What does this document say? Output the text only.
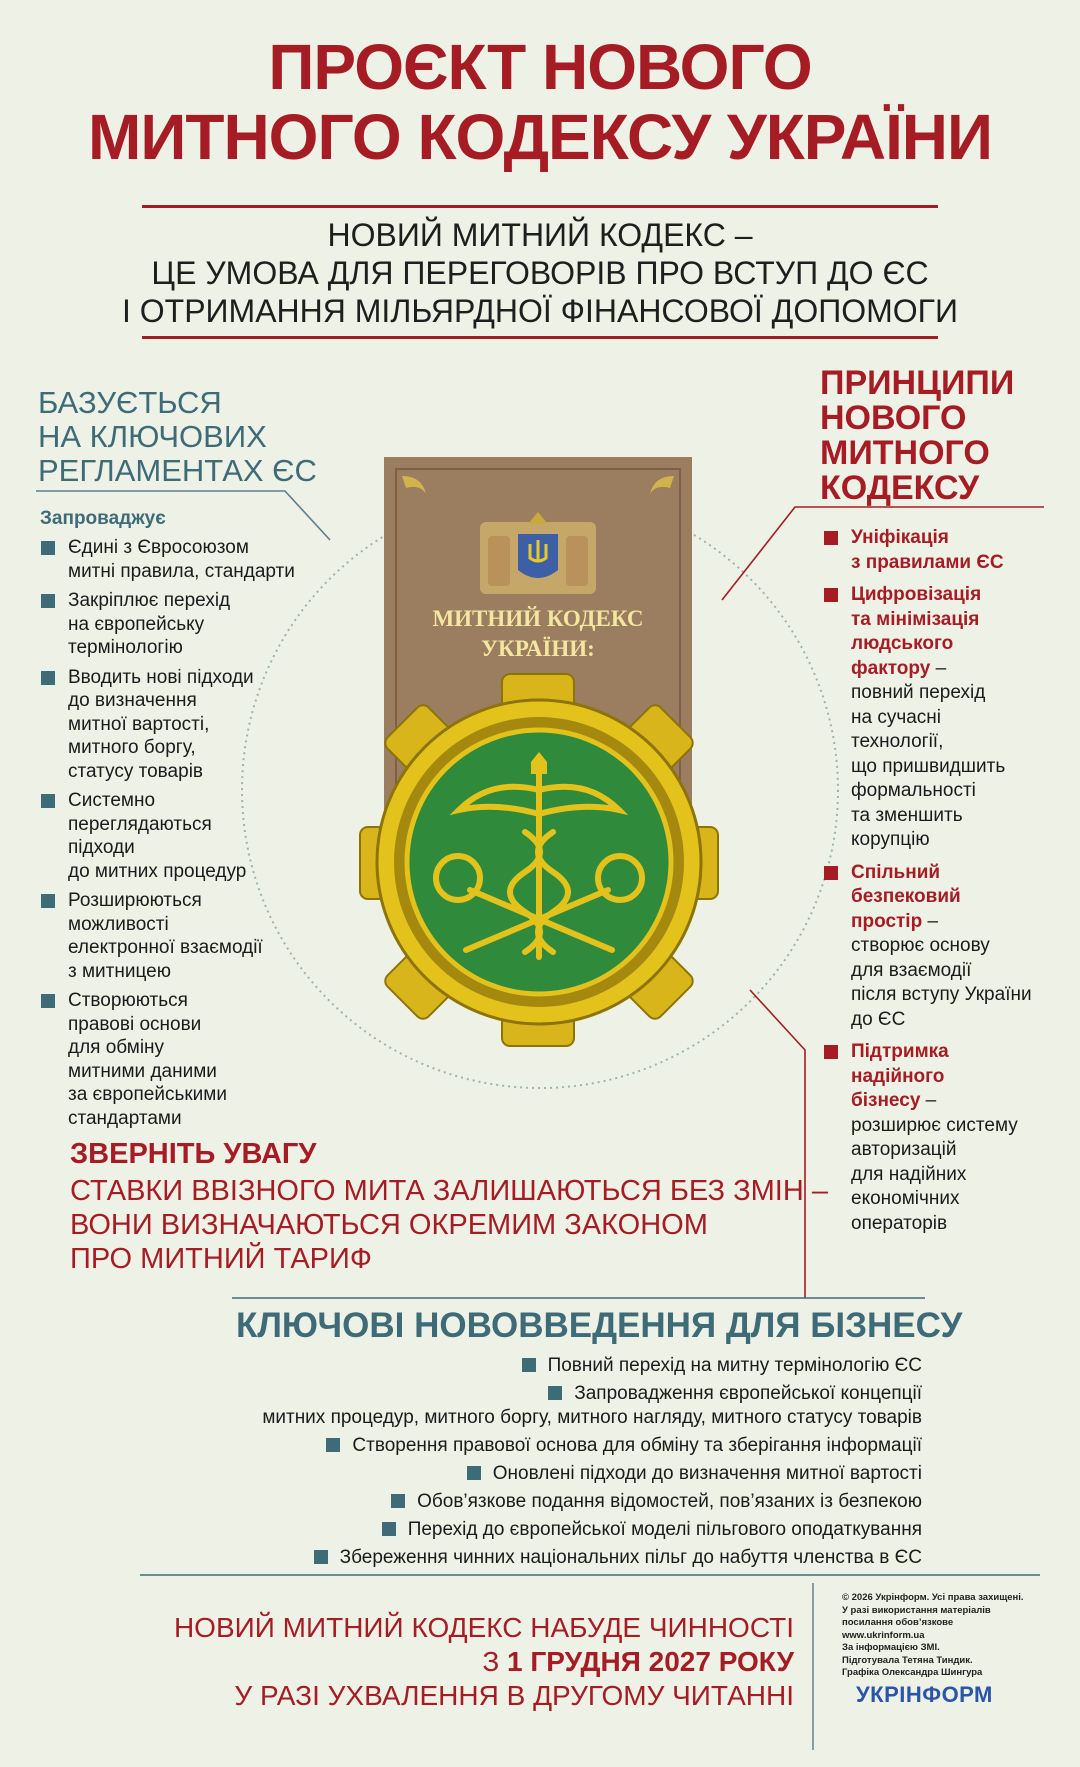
ПРОЄКТ НОВОГО
МИТНОГО КОДЕКСУ УКРАЇНИ
НОВИЙ МИТНИЙ КОДЕКС –
ЦЕ УМОВА ДЛЯ ПЕРЕГОВОРІВ ПРО ВСТУП ДО ЄС
І ОТРИМАННЯ МІЛЬЯРДНОЇ ФІНАНСОВОЇ ДОПОМОГИ
БАЗУЄТЬСЯ
НА КЛЮЧОВИХ
РЕГЛАМЕНТАХ ЄС
Запроваджує
Єдині з Євросоюзом
митні правила, стандарти
Закріплює перехід
на європейську
термінологію
Вводить нові підходи
до визначення
митної вартості,
митного боргу,
статусу товарів
Системно
переглядаються
підходи
до митних процедур
Розширюються
можливості
електронної взаємодії
з митницею
Створюються
правові основи
для обміну
митними даними
за європейськими
стандартами
МИТНИЙ КОДЕКС
УКРАЇНИ:
ПРИНЦИПИ
НОВОГО
МИТНОГО
КОДЕКСУ
Уніфікація
з правилами ЄС
Цифровізація
та мінімізація
людського
фактору –
повний перехід
на сучасні
технології,
що пришвидшить
формальності
та зменшить
корупцію
Спільний
безпековий
простір –
створює основу
для взаємодії
після вступу України
до ЄС
Підтримка
надійного
бізнесу –
розширює систему
авторизацій
для надійних
економічних
операторів
ЗВЕРНІТЬ УВАГУ
СТАВКИ ВВІЗНОГО МИТА ЗАЛИШАЮТЬСЯ БЕЗ ЗМІН –
ВОНИ ВИЗНАЧАЮТЬСЯ ОКРЕМИМ ЗАКОНОМ
ПРО МИТНИЙ ТАРИФ
КЛЮЧОВІ НОВОВВЕДЕННЯ ДЛЯ БІЗНЕСУ
Повний перехід на митну термінологію ЄС
Запровадження європейської концепції
митних процедур, митного боргу, митного нагляду, митного статусу товарів
Створення правової основа для обміну та зберігання інформації
Оновлені підходи до визначення митної вартості
Обов’язкове подання відомостей, пов’язаних із безпекою
Перехід до європейської моделі пільгового оподаткування
Збереження чинних національних пільг до набуття членства в ЄС
НОВИЙ МИТНИЙ КОДЕКС НАБУДЕ ЧИННОСТІ
З 1 ГРУДНЯ 2027 РОКУ
У РАЗІ УХВАЛЕННЯ В ДРУГОМУ ЧИТАННІ
© 2026 Укрінформ. Усі права захищені.
У разі використання матеріалів
посилання обов’язкове
www.ukrinform.ua
За інформацією ЗМІ.
Підготувала Тетяна Тиндик.
Графіка Олександра Шингура
УКРІНФОРМ
